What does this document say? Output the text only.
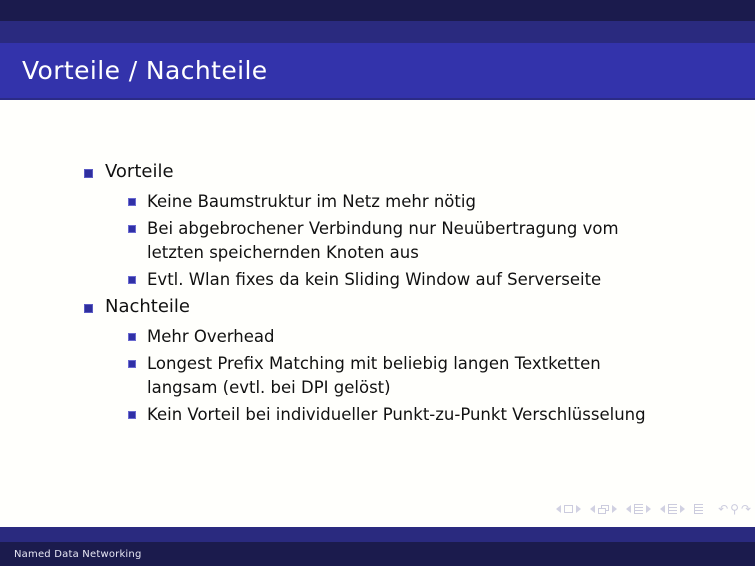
Vorteile / Nachteile
Vorteile
Keine Baumstruktur im Netz mehr nötig
Bei abgebrochener Verbindung nur Neuübertragung vom letzten speichernden Knoten aus
Evtl. Wlan fixes da kein Sliding Window auf Serverseite
Nachteile
Mehr Overhead
Longest Prefix Matching mit beliebig langen Textketten langsam (evtl. bei DPI gelöst)
Kein Vorteil bei individueller Punkt-zu-Punkt Verschlüsselung
↶ ⚲ ↷
Named Data Networking
